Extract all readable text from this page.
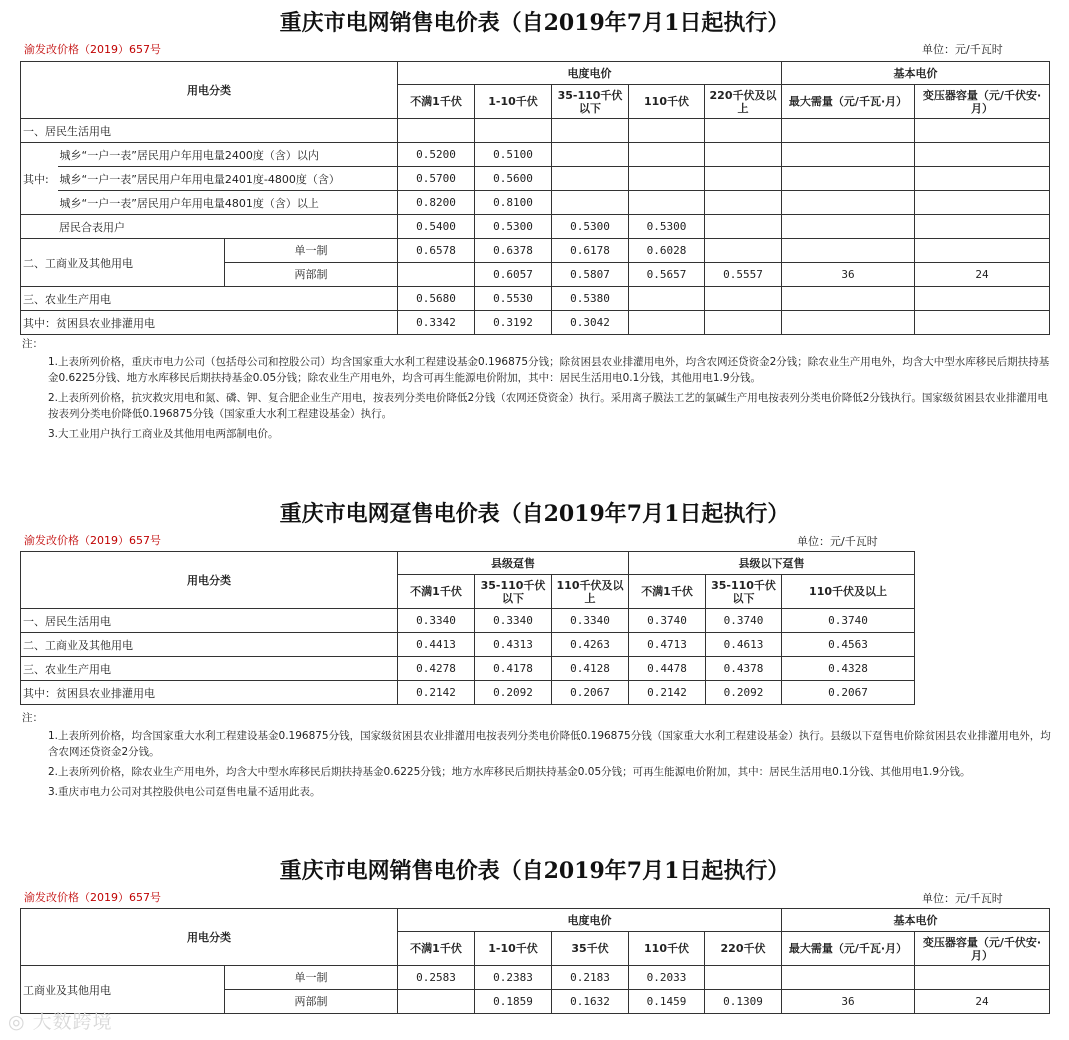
重庆市电网销售电价表（自2019年7月1日起执行）
渝发改价格（2019）657号	单位：元/千瓦时
用电分类			电度电价					基本电价	
			不满1千伏	1-10千伏	35-110千伏以下	110千伏	220千伏及以上	最大需量（元/千瓦·月）	变压器容量（元/千伏安·月）
一、居民生活用电									
其中:	城乡“一户一表”居民用户年用电量2400度（含）以内		0.5200	0.5100					
	城乡“一户一表”居民用户年用电量2401度-4800度（含）		0.5700	0.5600					
	城乡“一户一表”居民用户年用电量4801度（含）以上		0.8200	0.8100					
居民合表用户			0.5400	0.5300	0.5300	0.5300			
二、工商业及其他用电		单一制	0.6578	0.6378	0.6178	0.6028			
		两部制		0.6057	0.5807	0.5657	0.5557	36	24
三、农业生产用电			0.5680	0.5530	0.5380				
其中：贫困县农业排灌用电			0.3342	0.3192	0.3042				

注：

1.上表所列价格，重庆市电力公司（包括母公司和控股公司）均含国家重大水利工程建设基金0.196875分钱；除贫困县农业排灌用电外，均含农网还贷资金2分钱；除农业生产用电外，均含大中型水库移民后期扶持基金0.6225分钱、地方水库移民后期扶持基金0.05分钱；除农业生产用电外，均含可再生能源电价附加，其中：居民生活用电0.1分钱，其他用电1.9分钱。

2.上表所列价格，抗灾救灾用电和氮、磷、钾、复合肥企业生产用电，按表列分类电价降低2分钱（农网还贷资金）执行。采用离子膜法工艺的氯碱生产用电按表列分类电价降低2分钱执行。国家级贫困县农业排灌用电按表列分类电价降低0.196875分钱（国家重大水利工程建设基金）执行。

3.大工业用户执行工商业及其他用电两部制电价。

重庆市电网趸售电价表（自2019年7月1日起执行）
渝发改价格（2019）657号	单位：元/千瓦时
用电分类	县级趸售			县级以下趸售		
	不满1千伏	35-110千伏以下	110千伏及以上	不满1千伏	35-110千伏以下	110千伏及以上
一、居民生活用电	0.3340	0.3340	0.3340	0.3740	0.3740	0.3740
二、工商业及其他用电	0.4413	0.4313	0.4263	0.4713	0.4613	0.4563
三、农业生产用电	0.4278	0.4178	0.4128	0.4478	0.4378	0.4328
其中：贫困县农业排灌用电	0.2142	0.2092	0.2067	0.2142	0.2092	0.2067

注：

1.上表所列价格，均含国家重大水利工程建设基金0.196875分钱，国家级贫困县农业排灌用电按表列分类电价降低0.196875分钱（国家重大水利工程建设基金）执行。县级以下趸售电价除贫困县农业排灌用电外，均含农网还贷资金2分钱。

2.上表所列价格，除农业生产用电外，均含大中型水库移民后期扶持基金0.6225分钱；地方水库移民后期扶持基金0.05分钱；可再生能源电价附加，其中：居民生活用电0.1分钱、其他用电1.9分钱。

3.重庆市电力公司对其控股供电公司趸售电量不适用此表。

重庆市电网销售电价表（自2019年7月1日起执行）
渝发改价格（2019）657号	单位：元/千瓦时
用电分类		电度电价					基本电价	
		不满1千伏	1-10千伏	35千伏	110千伏	220千伏	最大需量（元/千瓦·月）	变压器容量（元/千伏安·月）
工商业及其他用电	单一制	0.2583	0.2383	0.2183	0.2033			
	两部制		0.1859	0.1632	0.1459	0.1309	36	24
◎ 大数跨境
